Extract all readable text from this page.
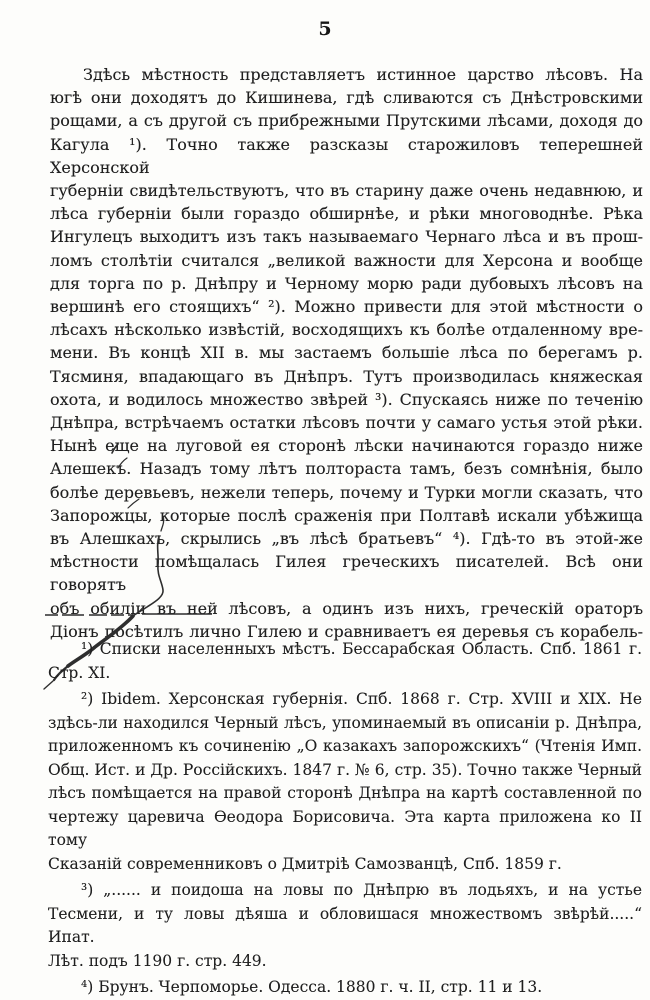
5
Здѣсь мѣстность представляетъ истинное царство лѣсовъ. На
югѣ они доходятъ до Кишинева, гдѣ сливаются съ Днѣстровскими
рощами, а съ другой съ прибрежными Прутскими лѣсами, доходя до
Кагула ¹). Точно также разсказы старожиловъ теперешней Херсонской
губерніи свидѣтельствуютъ, что въ старину даже очень недавнюю, и
лѣса губерніи были гораздо обширнѣе, и рѣки многоводнѣе. Рѣка
Ингулецъ выходитъ изъ такъ называемаго Чернаго лѣса и въ прош-
ломъ столѣтіи считался „великой важности для Херсона и вообще
для торга по р. Днѣпру и Черному морю ради дубовыхъ лѣсовъ на
вершинѣ его стоящихъ“ ²). Можно привести для этой мѣстности о
лѣсахъ нѣсколько извѣстій, восходящихъ къ болѣе отдаленному вре-
мени. Въ концѣ XII в. мы застаемъ большіе лѣса по берегамъ р.
Тясминя, впадающаго въ Днѣпръ. Тутъ производилась княжеская
охота, и водилось множество звѣрей ³). Спускаясь ниже по теченію
Днѣпра, встрѣчаемъ остатки лѣсовъ почти у самаго устья этой рѣки.
Нынѣ еще на луговой ея сторонѣ лѣски начинаются гораздо ниже
Алешекъ. Назадъ тому лѣтъ полтораста тамъ, безъ сомнѣнія, было
болѣе деревьевъ, нежели теперь, почему и Турки могли сказать, что
Запорожцы, которые послѣ сраженія при Полтавѣ искали убѣжища
въ Алешкахъ, скрылись „въ лѣсѣ братьевъ“ ⁴). Гдѣ-то въ этой-же
мѣстности помѣщалась Гилея греческихъ писателей. Всѣ они говорятъ
объ обиліи въ ней лѣсовъ, а одинъ изъ нихъ, греческій ораторъ
Діонъ посѣтилъ лично Гилею и сравниваетъ ея деревья съ корабель-
¹) Списки населенныхъ мѣстъ. Бессарабская Область. Спб. 1861 г.
Стр. XI.
²) Ibidem. Херсонская губернія. Спб. 1868 г. Стр. XVIII и XIX. Не
здѣсь-ли находился Черный лѣсъ, упоминаемый въ описаніи р. Днѣпра,
приложенномъ къ сочиненію „О казакахъ запорожскихъ“ (Чтенія Имп.
Общ. Ист. и Др. Россійскихъ. 1847 г. № 6, стр. 35). Точно также Черный
лѣсъ помѣщается на правой сторонѣ Днѣпра на картѣ составленной по
чертежу царевича Ѳеодора Борисовича. Эта карта приложена ко II тому
Сказаній современниковъ о Дмитріѣ Самозванцѣ, Спб. 1859 г.
³) „...... и поидоша на ловы по Днѣпрю въ лодьяхъ, и на устье
Тесмени, и ту ловы дѣяша и обловишася множествомъ звѣрѣй.....“ Ипат.
Лѣт. подъ 1190 г. стр. 449.
⁴) Брунъ. Черпоморье. Одесса. 1880 г. ч. II, стр. 11 и 13.
